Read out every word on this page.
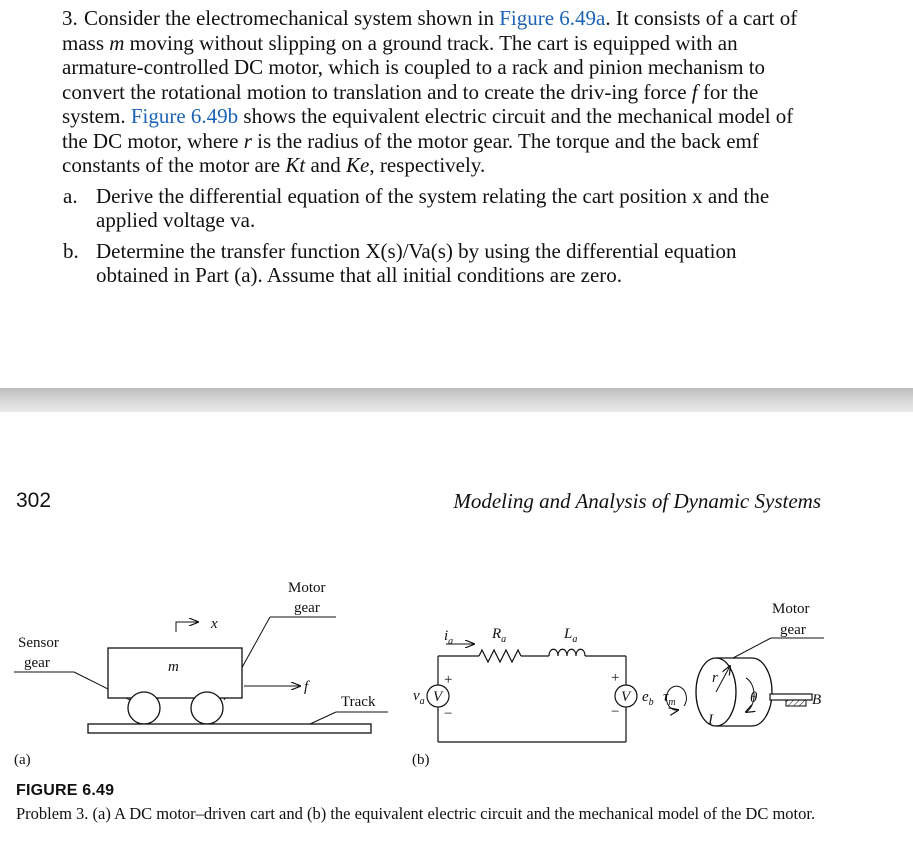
3. Consider the electromechanical system shown in Figure 6.49a. It consists of a cart of mass m moving without slipping on a ground track. The cart is equipped with an armature-controlled DC motor, which is coupled to a rack and pinion mechanism to convert the rotational motion to translation and to create the driv-ing force f for the system. Figure 6.49b shows the equivalent electric circuit and the mechanical model of the DC motor, where r is the radius of the motor gear. The torque and the back emf constants of the motor are Kt and Ke, respectively.

a. Derive the differential equation of the system relating the cart position x and the applied voltage va.

b. Determine the transfer function X(s)/Va(s) by using the differential equation obtained in Part (a). Assume that all initial conditions are zero.

302	Modeling and Analysis of Dynamic Systems
Motor
gear
Sensor
gear
x
m
f
Track
(a)
$i_a$	$R_a$	$L_a$
$v_a$ V
+
−
V
+
−
$e_b$ $\tau_m$
(b)
r
I
θ	B
Motor
gear
FIGURE 6.49
Problem 3. (a) A DC motor–driven cart and (b) the equivalent electric circuit and the mechanical model of the DC motor.
